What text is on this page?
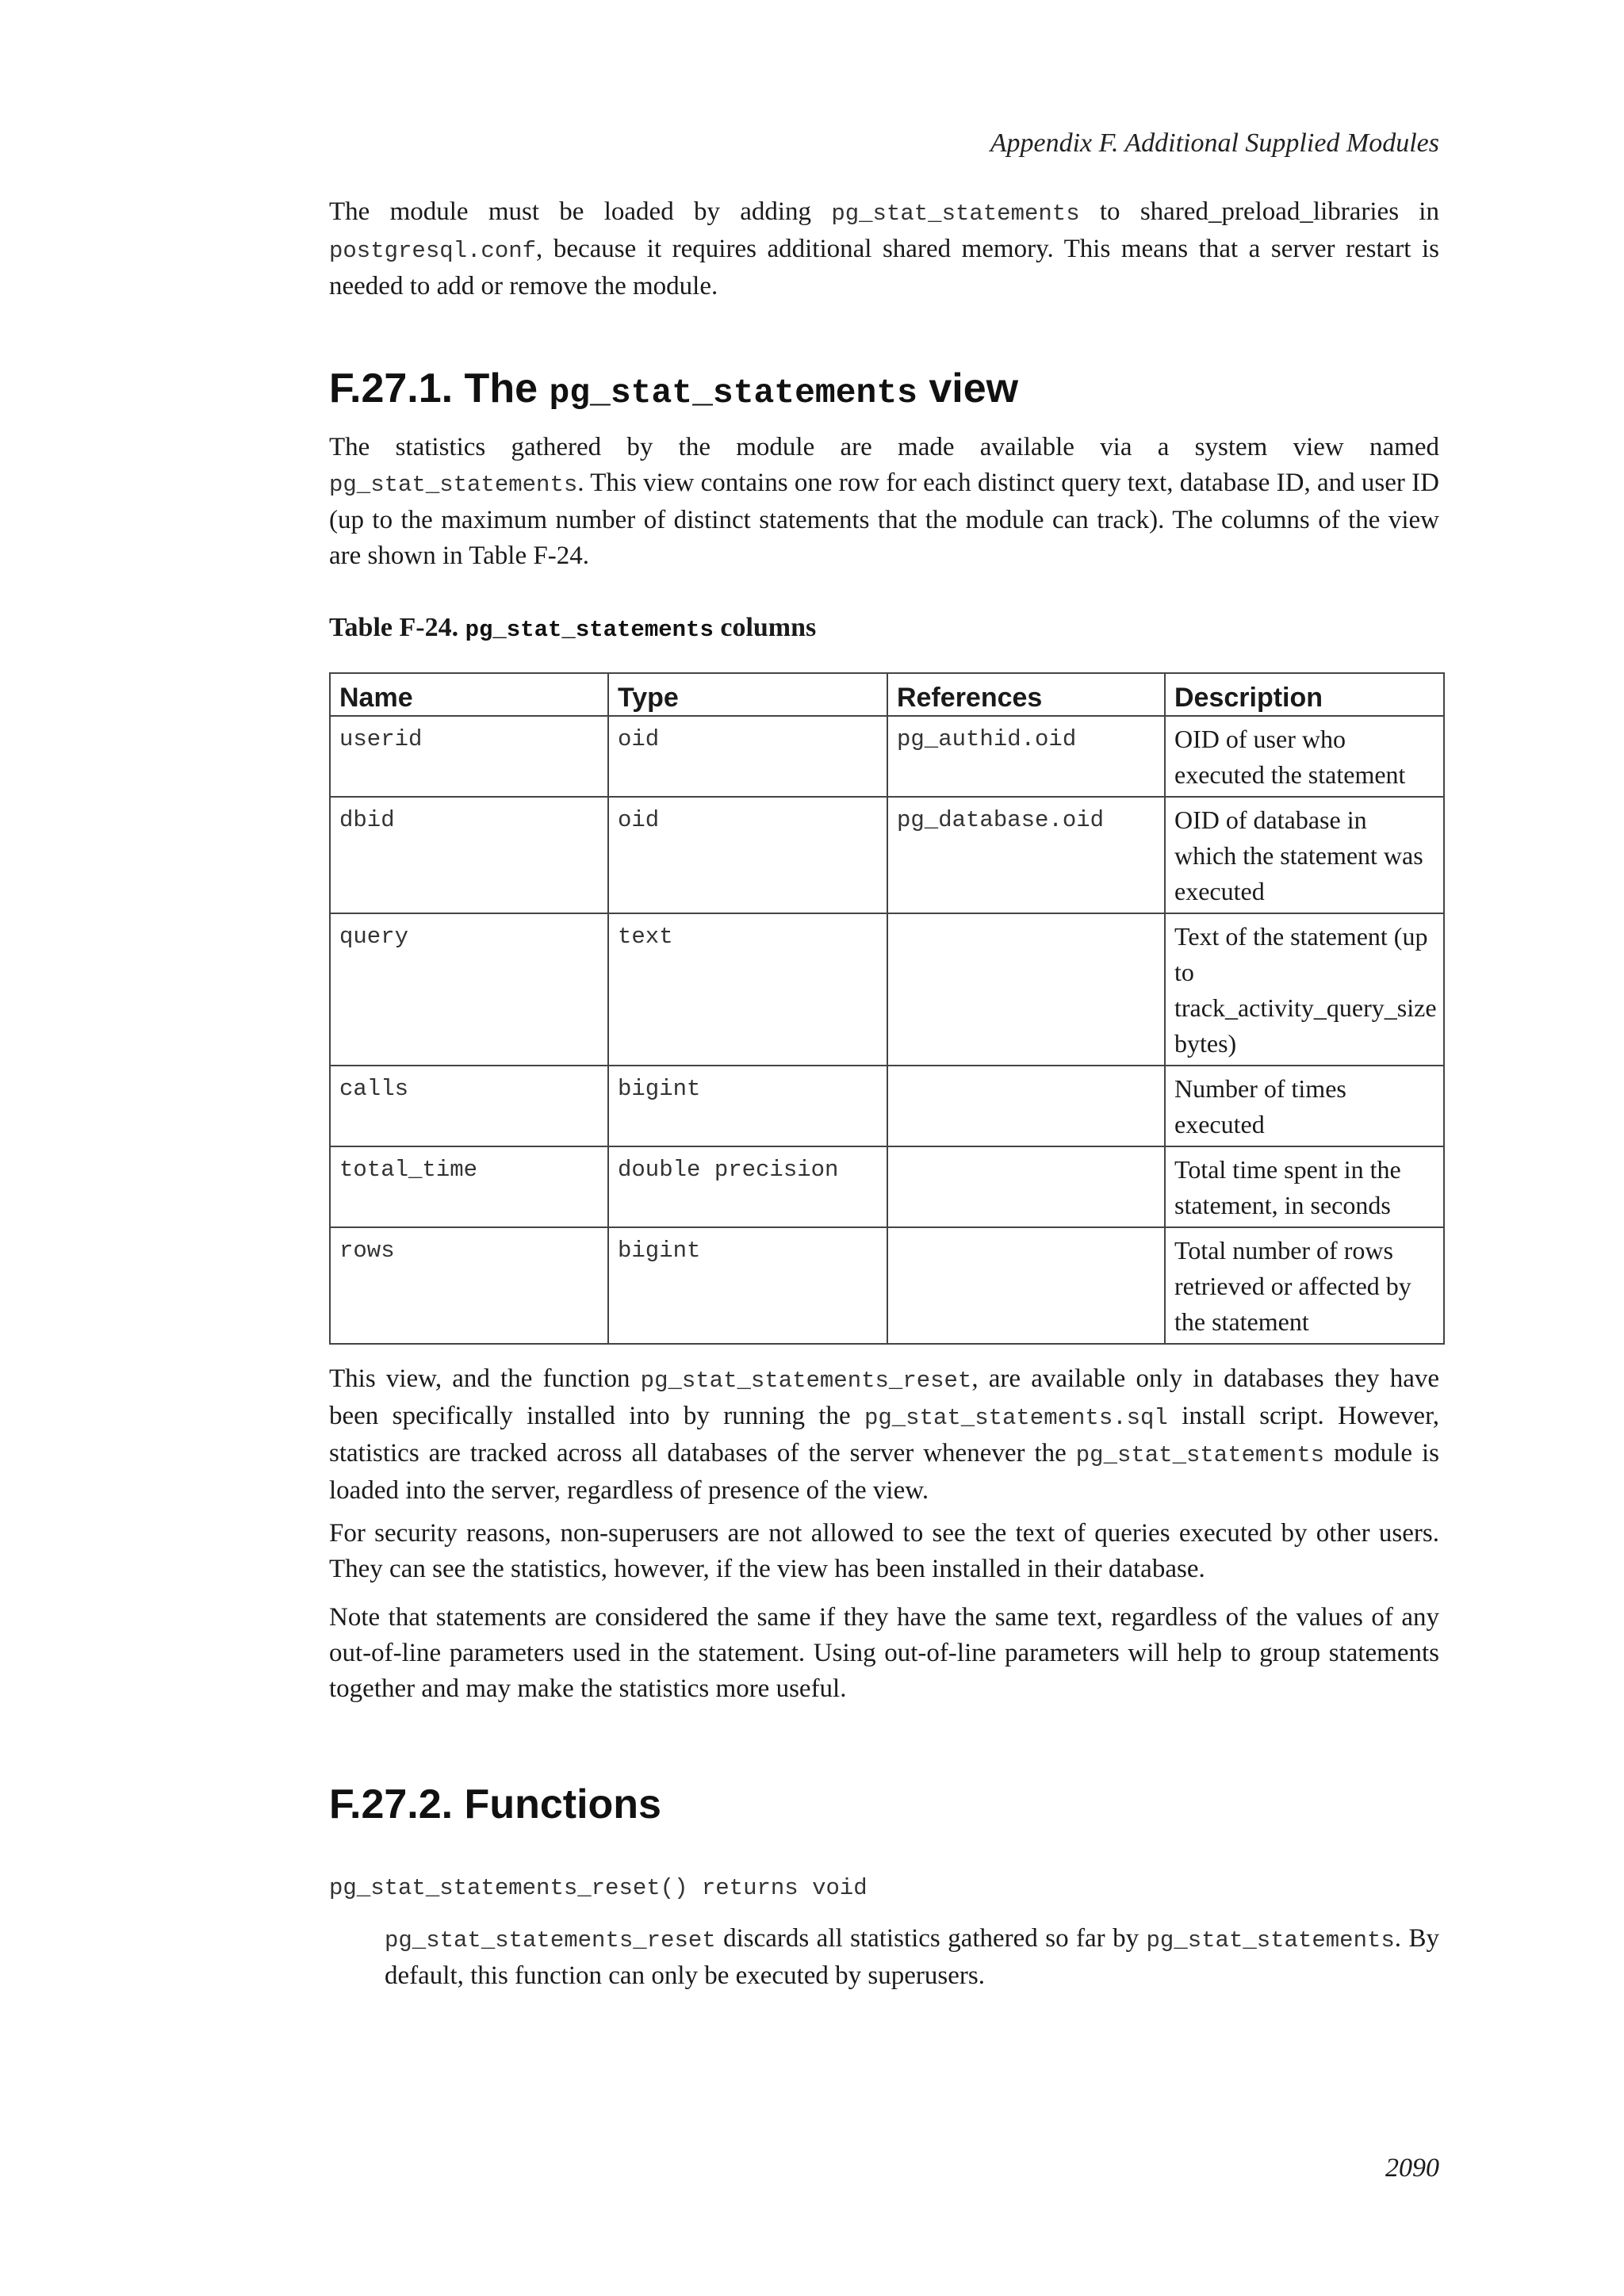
Appendix F. Additional Supplied Modules

The module must be loaded by adding pg_stat_statements to shared_preload_libraries in postgresql.conf, because it requires additional shared memory. This means that a server restart is needed to add or remove the module.

F.27.1. The pg_stat_statements view

The statistics gathered by the module are made available via a system view named pg_stat_statements. This view contains one row for each distinct query text, database ID, and user ID (up to the maximum number of distinct statements that the module can track). The columns of the view are shown in Table F-24.

Table F-24. pg_stat_statements columns
Name	Type	References	Description
userid	oid	pg_authid.oid	OID of user who executed the statement
dbid	oid	pg_database.oid	OID of database in which the statement was executed
query	text		Text of the statement (up to track_activity_query_size bytes)
calls	bigint		Number of times executed
total_time	double precision		Total time spent in the statement, in seconds
rows	bigint		Total number of rows retrieved or affected by the statement

This view, and the function pg_stat_statements_reset, are available only in databases they have been specifically installed into by running the pg_stat_statements.sql install script. However, statistics are tracked across all databases of the server whenever the pg_stat_statements module is loaded into the server, regardless of presence of the view.

For security reasons, non-superusers are not allowed to see the text of queries executed by other users. They can see the statistics, however, if the view has been installed in their database.

Note that statements are considered the same if they have the same text, regardless of the values of any out-of-line parameters used in the statement. Using out-of-line parameters will help to group statements together and may make the statistics more useful.

F.27.2. Functions
pg_stat_statements_reset() returns void

pg_stat_statements_reset discards all statistics gathered so far by pg_stat_statements. By default, this function can only be executed by superusers.

2090
